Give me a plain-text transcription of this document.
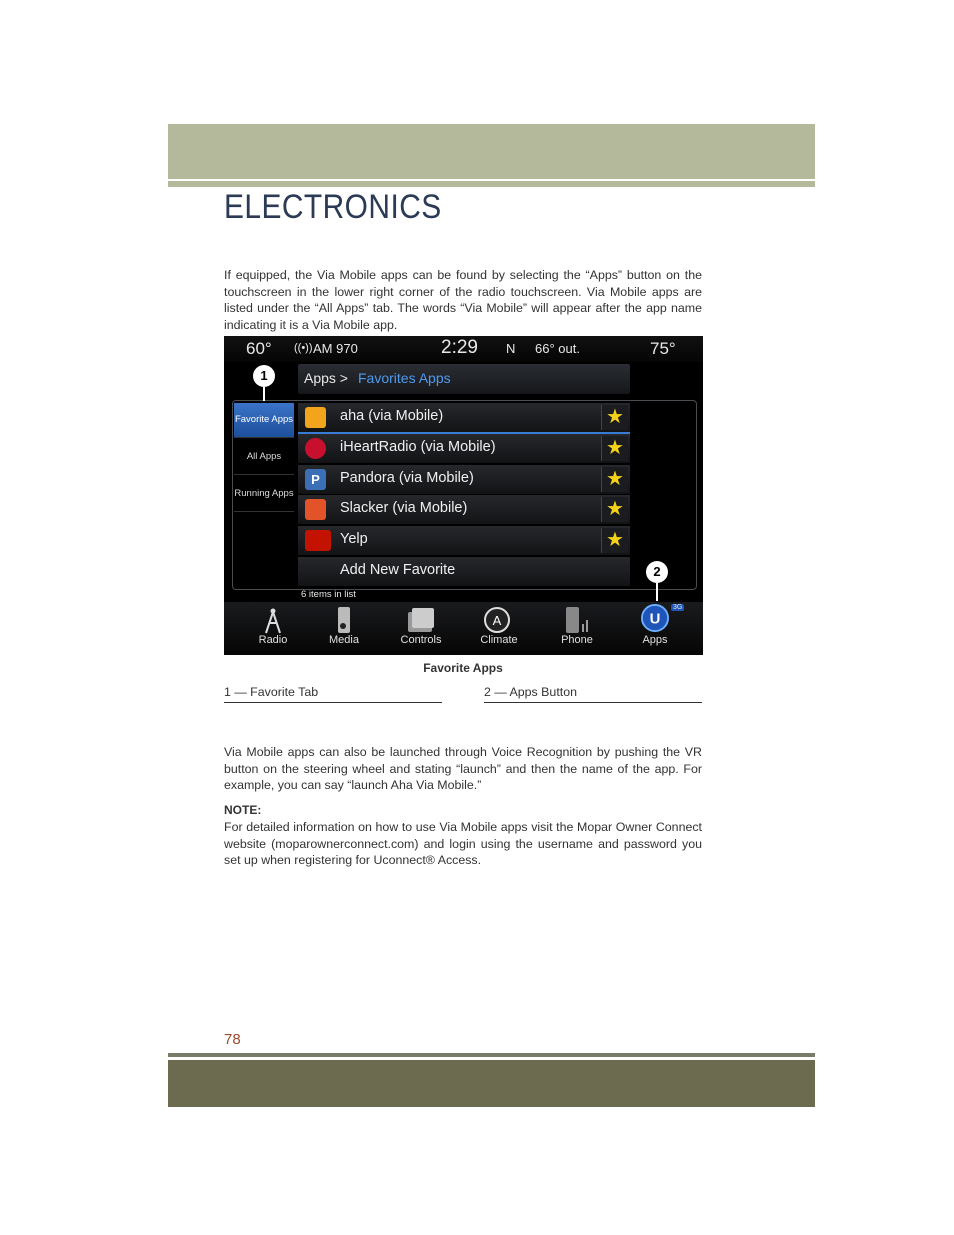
ELECTRONICS
If equipped, the Via Mobile apps can be found by selecting the “Apps” button on the touchscreen in the lower right corner of the radio touchscreen. Via Mobile apps are listed under the “All Apps” tab. The words “Via Mobile” will appear after the app name indicating it is a Via Mobile app.
60° ((•)) AM 970	2:29 N 66° out.	75°
Apps > Favorites Apps
Favorite Apps
All Apps
Running Apps
aha (via Mobile)	★
iHeartRadio (via Mobile)	★
P	Pandora (via Mobile)	★
Slacker (via Mobile)	★
Yelp	★
Add New Favorite
6 items in list
A	U
3G
Radio	Media	Controls	Climate	Phone	Apps
1
2
Favorite Apps
1 — Favorite Tab	2 — Apps Button
Via Mobile apps can also be launched through Voice Recognition by pushing the VR button on the steering wheel and stating “launch” and then the name of the app. For example, you can say “launch Aha Via Mobile.”
NOTE:
For detailed information on how to use Via Mobile apps visit the Mopar Owner Connect website (moparownerconnect.com) and login using the username and password you set up when registering for Uconnect® Access.
78
